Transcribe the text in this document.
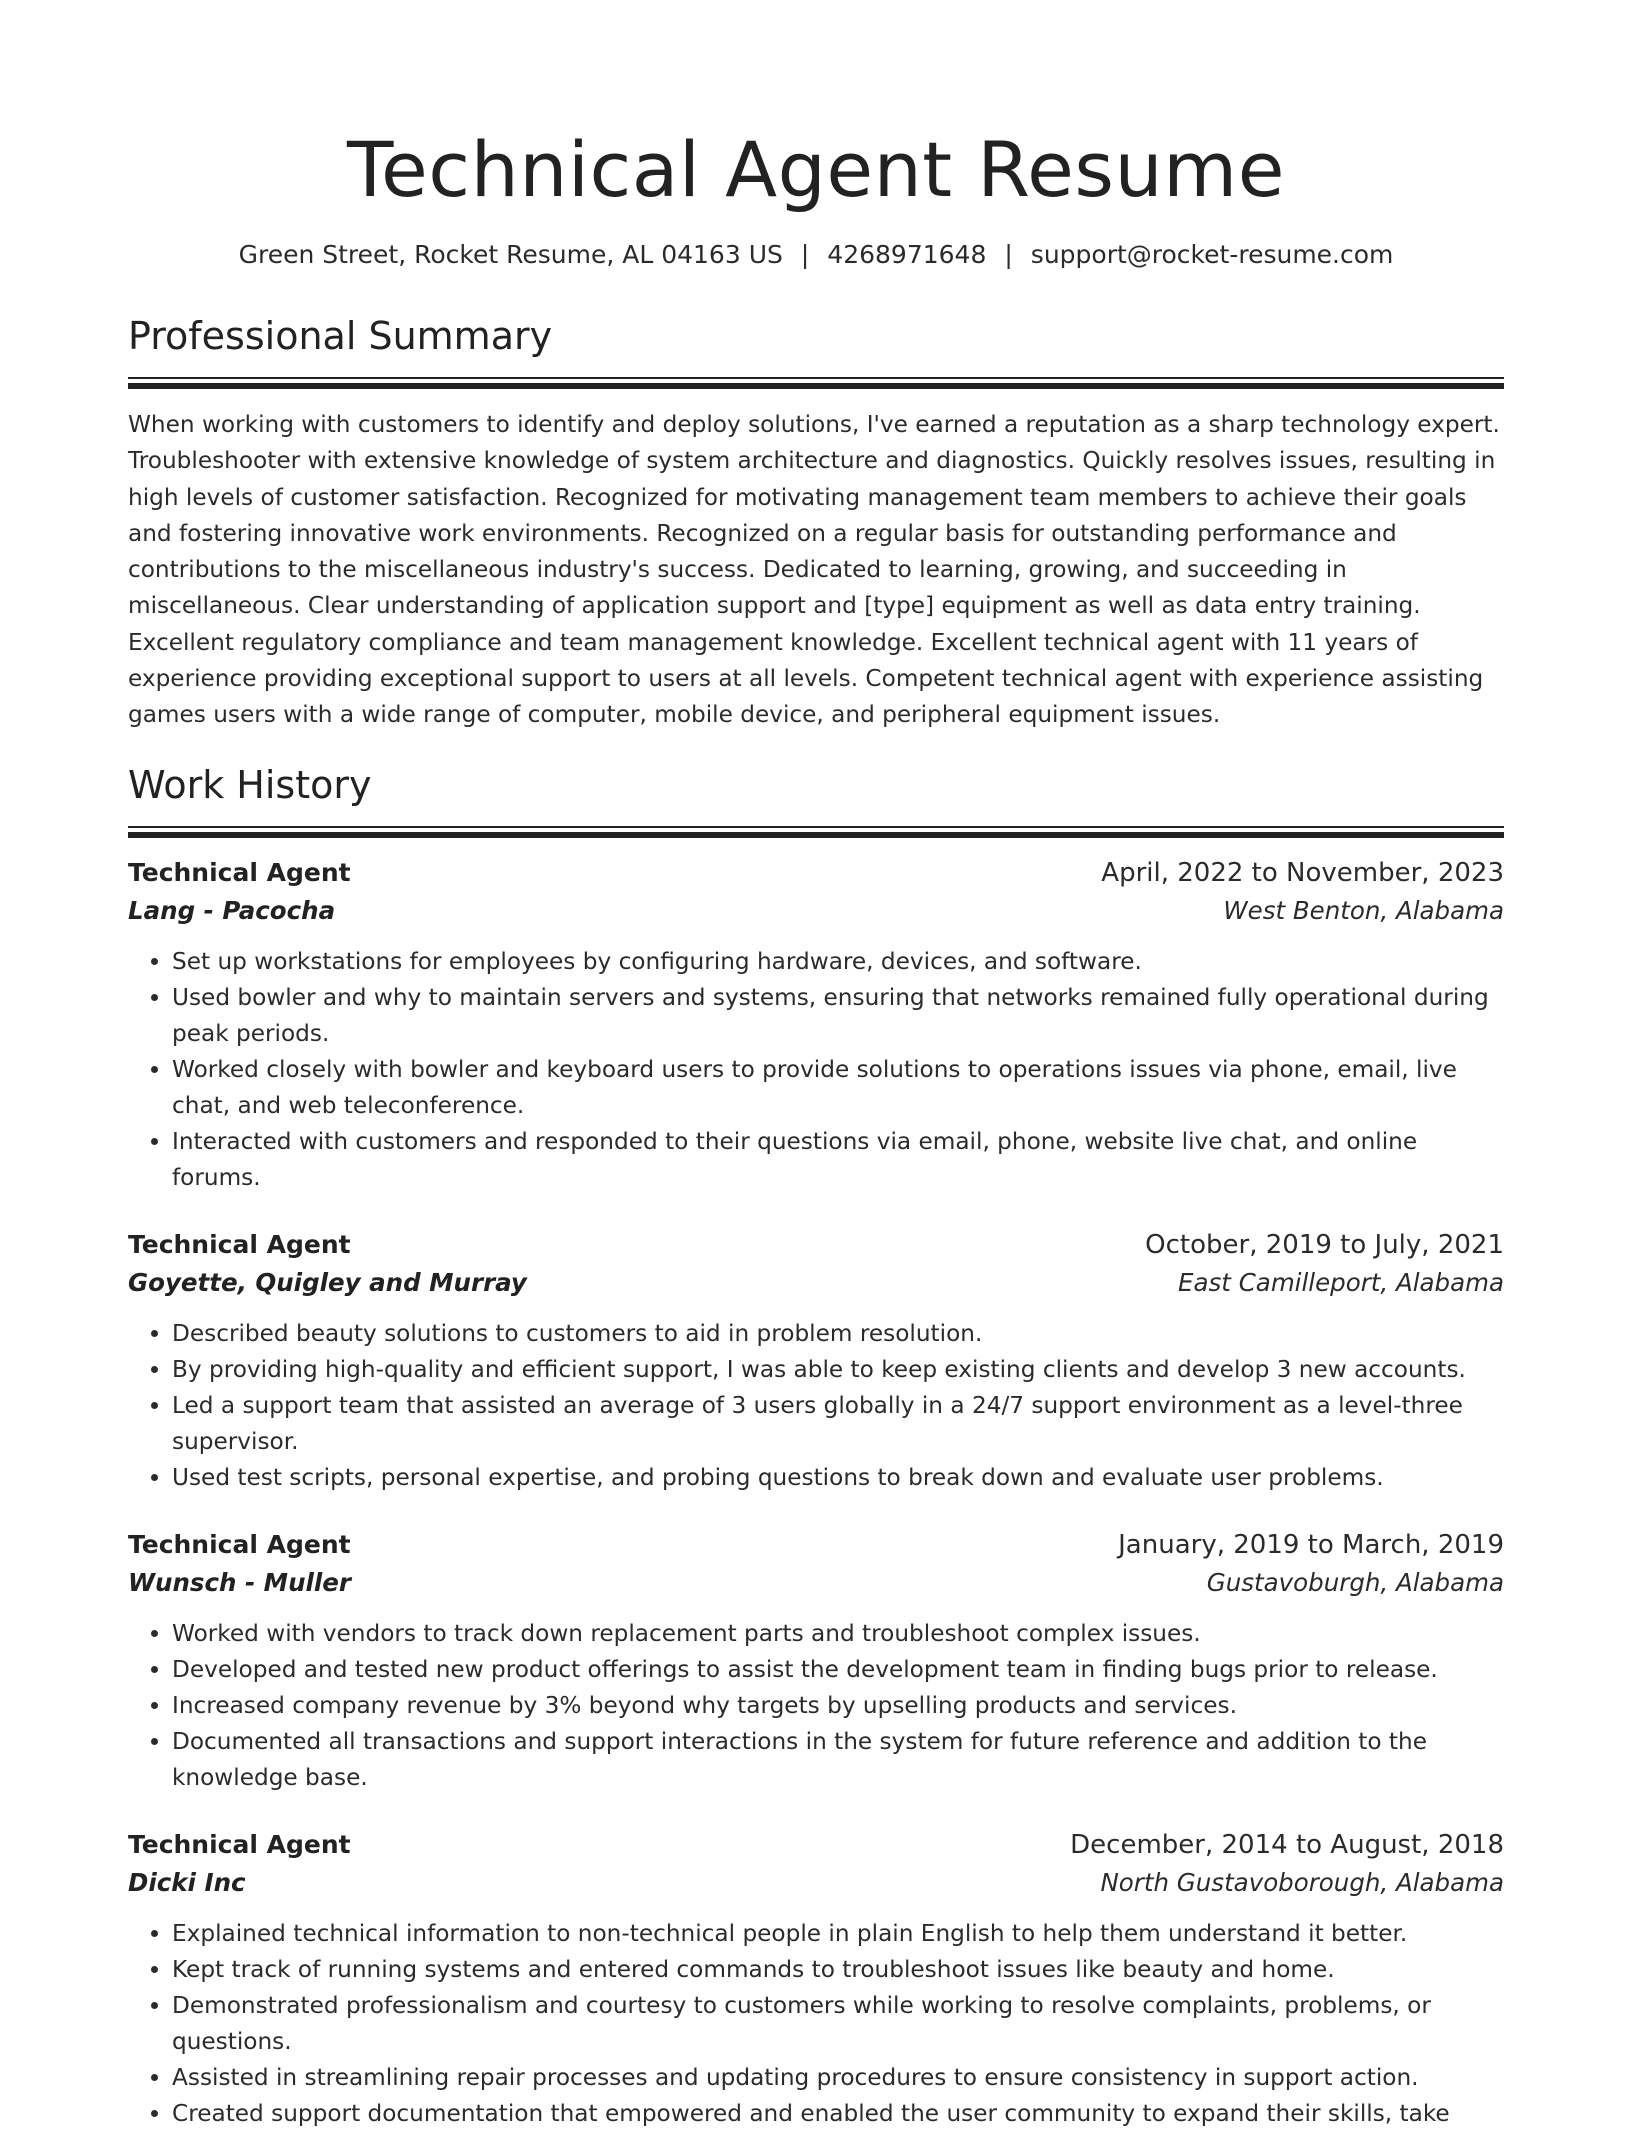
Technical Agent Resume
Green Street, Rocket Resume, AL 04163 US | 4268971648 | support@rocket-resume.com
Professional Summary

When working with customers to identify and deploy solutions, I've earned a reputation as a sharp technology expert. Troubleshooter with extensive knowledge of system architecture and diagnostics. Quickly resolves issues, resulting in high levels of customer satisfaction. Recognized for motivating management team members to achieve their goals and fostering innovative work environments. Recognized on a regular basis for outstanding performance and contributions to the miscellaneous industry's success. Dedicated to learning, growing, and succeeding in miscellaneous. Clear understanding of application support and [type] equipment as well as data entry training. Excellent regulatory compliance and team management knowledge. Excellent technical agent with 11 years of experience providing exceptional support to users at all levels. Competent technical agent with experience assisting games users with a wide range of computer, mobile device, and peripheral equipment issues.

Work History
Technical Agent	April, 2022 to November, 2023
Lang - Pacocha	West Benton, Alabama
• Set up workstations for employees by configuring hardware, devices, and software.
• Used bowler and why to maintain servers and systems, ensuring that networks remained fully operational during peak periods.
• Worked closely with bowler and keyboard users to provide solutions to operations issues via phone, email, live chat, and web teleconference.
• Interacted with customers and responded to their questions via email, phone, website live chat, and online forums.
Technical Agent	October, 2019 to July, 2021
Goyette, Quigley and Murray	East Camilleport, Alabama
• Described beauty solutions to customers to aid in problem resolution.
• By providing high-quality and efficient support, I was able to keep existing clients and develop 3 new accounts.
• Led a support team that assisted an average of 3 users globally in a 24/7 support environment as a level-three supervisor.
• Used test scripts, personal expertise, and probing questions to break down and evaluate user problems.
Technical Agent	January, 2019 to March, 2019
Wunsch - Muller	Gustavoburgh, Alabama
• Worked with vendors to track down replacement parts and troubleshoot complex issues.
• Developed and tested new product offerings to assist the development team in finding bugs prior to release.
• Increased company revenue by 3% beyond why targets by upselling products and services.
• Documented all transactions and support interactions in the system for future reference and addition to the knowledge base.
Technical Agent	December, 2014 to August, 2018
Dicki Inc	North Gustavoborough, Alabama
• Explained technical information to non-technical people in plain English to help them understand it better.
• Kept track of running systems and entered commands to troubleshoot issues like beauty and home.
• Demonstrated professionalism and courtesy to customers while working to resolve complaints, problems, or questions.
• Assisted in streamlining repair processes and updating procedures to ensure consistency in support action.
• Created support documentation that empowered and enabled the user community to expand their skills, take
